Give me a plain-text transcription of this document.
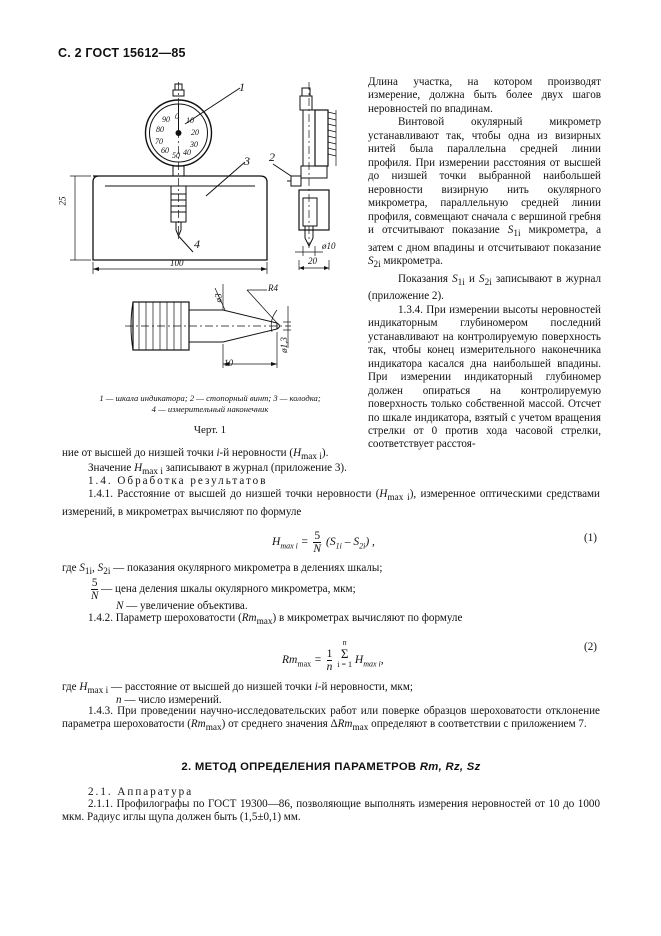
С. 2 ГОСТ 15612—85
1
3 2
4
25
100	20
ø10
ø3
R4
ø1,3
10
0 10
20
30
40
50
60
70
80
90
1 — шкала индикатора; 2 — стопорный винт; 3 — колодка;
4 — измерительный наконечник
Черт. 1

Длина участка, на котором производят измерение, должна быть более двух шагов неровностей по впадинам.

Винтовой окулярный микрометр устанавливают так, чтобы одна из визирных нитей была параллельна средней линии профиля. При измерении расстояния от высшей до низшей точки выбранной наибольшей неровности визирную нить окулярного микрометра, параллельную средней линии профиля, совмещают сначала с вершиной гребня и отсчитывают показание $S_{1i}$ микрометра, а затем с дном впадины и отсчитывают показание $S_{2i}$ микрометра.

Показания $S_{1i}$ и $S_{2i}$ записывают в журнал (приложение 2).

1.3.4. При измерении высоты неровностей индикаторным глубиномером последний устанавливают на контролируемую поверхность так, чтобы конец измерительного наконечника индикатора касался дна наибольшей впадины. При измерении индикаторный глубиномер должен опираться на контролируемую поверхность только собственной массой. Отсчет по шкале индикатора, взятый с учетом вращения стрелки от 0 против хода часовой стрелки, соответствует расстоя-

ние от высшей до низшей точки i-й неровности $(H_{max i})$.
Значение $H_{max i}$ записывают в журнал (приложение 3).
1.4. Обработка результатов

1.4.1. Расстояние от высшей до низшей точки неровности $(H_{max i})$, измеренное оптическими средствами измерений, в микрометрах вычисляют по формуле

$H_{max i} = \frac{5}{N} (S_{1i} - S_{2i})$ ,	(1)
где $S_{1i}$, $S_{2i}$ — показания окулярного микрометра в делениях шкалы;
$\frac{5}{N}$ — цена деления шкалы окулярного микрометра, мкм;
N — увеличение объектива.

1.4.2. Параметр шероховатости $(Rm_{max})$ в микрометрах вычисляют по формуле

$Rm_{max} = \frac{1}{n}$

n
Σ
i = 1 $H_{max i}$,
(2)
где $H_{max i}$ — расстояние от высшей до низшей точки i-й неровности, мкм;
n — число измерений.

1.4.3. При проведении научно-исследовательских работ или поверке образцов шероховатости отклонение параметра шероховатости $(Rm_{max})$ от среднего значения ΔRm$_{max}$ определяют в соответствии с приложением 7.

2. МЕТОД ОПРЕДЕЛЕНИЯ ПАРАМЕТРОВ Rm, Rz, Sz
2.1. Аппаратура

2.1.1. Профилографы по ГОСТ 19300—86, позволяющие выполнять измерения неровностей от 10 до 1000 мкм. Радиус иглы щупа должен быть (1,5±0,1) мм.
